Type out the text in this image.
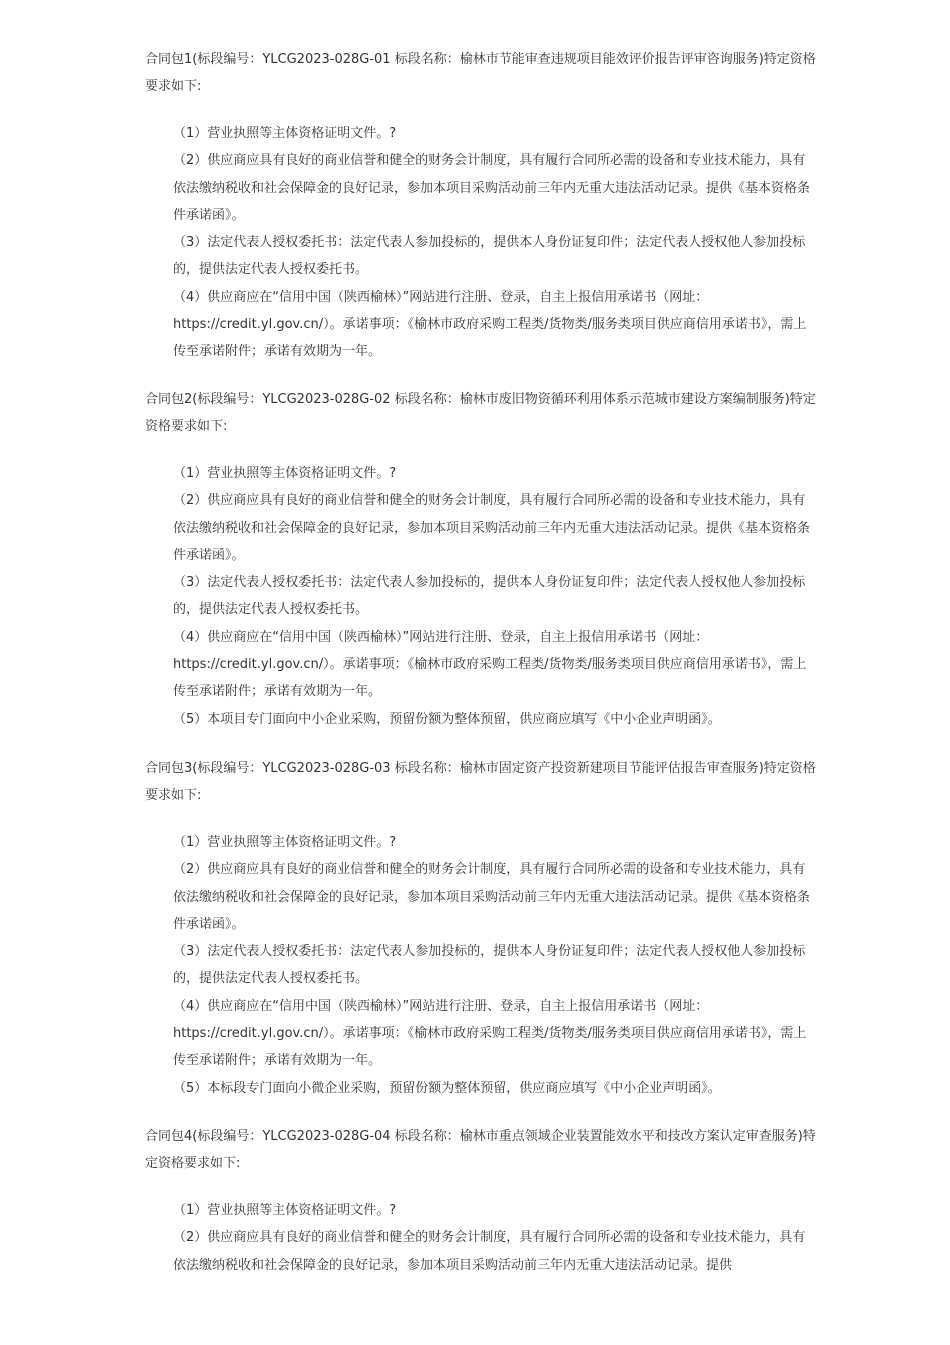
合同包1(标段编号：YLCG2023-028G-01 标段名称：榆林市节能审查违规项目能效评价报告评审咨询服务)特定资格要求如下:

（1）营业执照等主体资格证明文件。?
（2）供应商应具有良好的商业信誉和健全的财务会计制度，具有履行合同所必需的设备和专业技术能力，具有依法缴纳税收和社会保障金的良好记录，参加本项目采购活动前三年内无重大违法活动记录。提供《基本资格条件承诺函》。
（3）法定代表人授权委托书：法定代表人参加投标的，提供本人身份证复印件；法定代表人授权他人参加投标的，提供法定代表人授权委托书。
（4）供应商应在“信用中国（陕西榆林）”网站进行注册、登录，自主上报信用承诺书（网址：https://credit.yl.gov.cn/）。承诺事项：《榆林市政府采购工程类/货物类/服务类项目供应商信用承诺书》，需上传至承诺附件；承诺有效期为一年。

合同包2(标段编号：YLCG2023-028G-02 标段名称：榆林市废旧物资循环利用体系示范城市建设方案编制服务)特定资格要求如下:

（1）营业执照等主体资格证明文件。?
（2）供应商应具有良好的商业信誉和健全的财务会计制度，具有履行合同所必需的设备和专业技术能力，具有依法缴纳税收和社会保障金的良好记录，参加本项目采购活动前三年内无重大违法活动记录。提供《基本资格条件承诺函》。
（3）法定代表人授权委托书：法定代表人参加投标的，提供本人身份证复印件；法定代表人授权他人参加投标的，提供法定代表人授权委托书。
（4）供应商应在“信用中国（陕西榆林）”网站进行注册、登录，自主上报信用承诺书（网址：https://credit.yl.gov.cn/）。承诺事项：《榆林市政府采购工程类/货物类/服务类项目供应商信用承诺书》，需上传至承诺附件；承诺有效期为一年。
（5）本项目专门面向中小企业采购，预留份额为整体预留，供应商应填写《中小企业声明函》。

合同包3(标段编号：YLCG2023-028G-03 标段名称：榆林市固定资产投资新建项目节能评估报告审查服务)特定资格要求如下:

（1）营业执照等主体资格证明文件。?
（2）供应商应具有良好的商业信誉和健全的财务会计制度，具有履行合同所必需的设备和专业技术能力，具有依法缴纳税收和社会保障金的良好记录，参加本项目采购活动前三年内无重大违法活动记录。提供《基本资格条件承诺函》。
（3）法定代表人授权委托书：法定代表人参加投标的，提供本人身份证复印件；法定代表人授权他人参加投标的，提供法定代表人授权委托书。
（4）供应商应在“信用中国（陕西榆林）”网站进行注册、登录，自主上报信用承诺书（网址：https://credit.yl.gov.cn/）。承诺事项：《榆林市政府采购工程类/货物类/服务类项目供应商信用承诺书》，需上传至承诺附件；承诺有效期为一年。
（5）本标段专门面向小微企业采购，预留份额为整体预留，供应商应填写《中小企业声明函》。

合同包4(标段编号：YLCG2023-028G-04 标段名称：榆林市重点领域企业装置能效水平和技改方案认定审查服务)特定资格要求如下:

（1）营业执照等主体资格证明文件。?
（2）供应商应具有良好的商业信誉和健全的财务会计制度，具有履行合同所必需的设备和专业技术能力，具有依法缴纳税收和社会保障金的良好记录，参加本项目采购活动前三年内无重大违法活动记录。提供
